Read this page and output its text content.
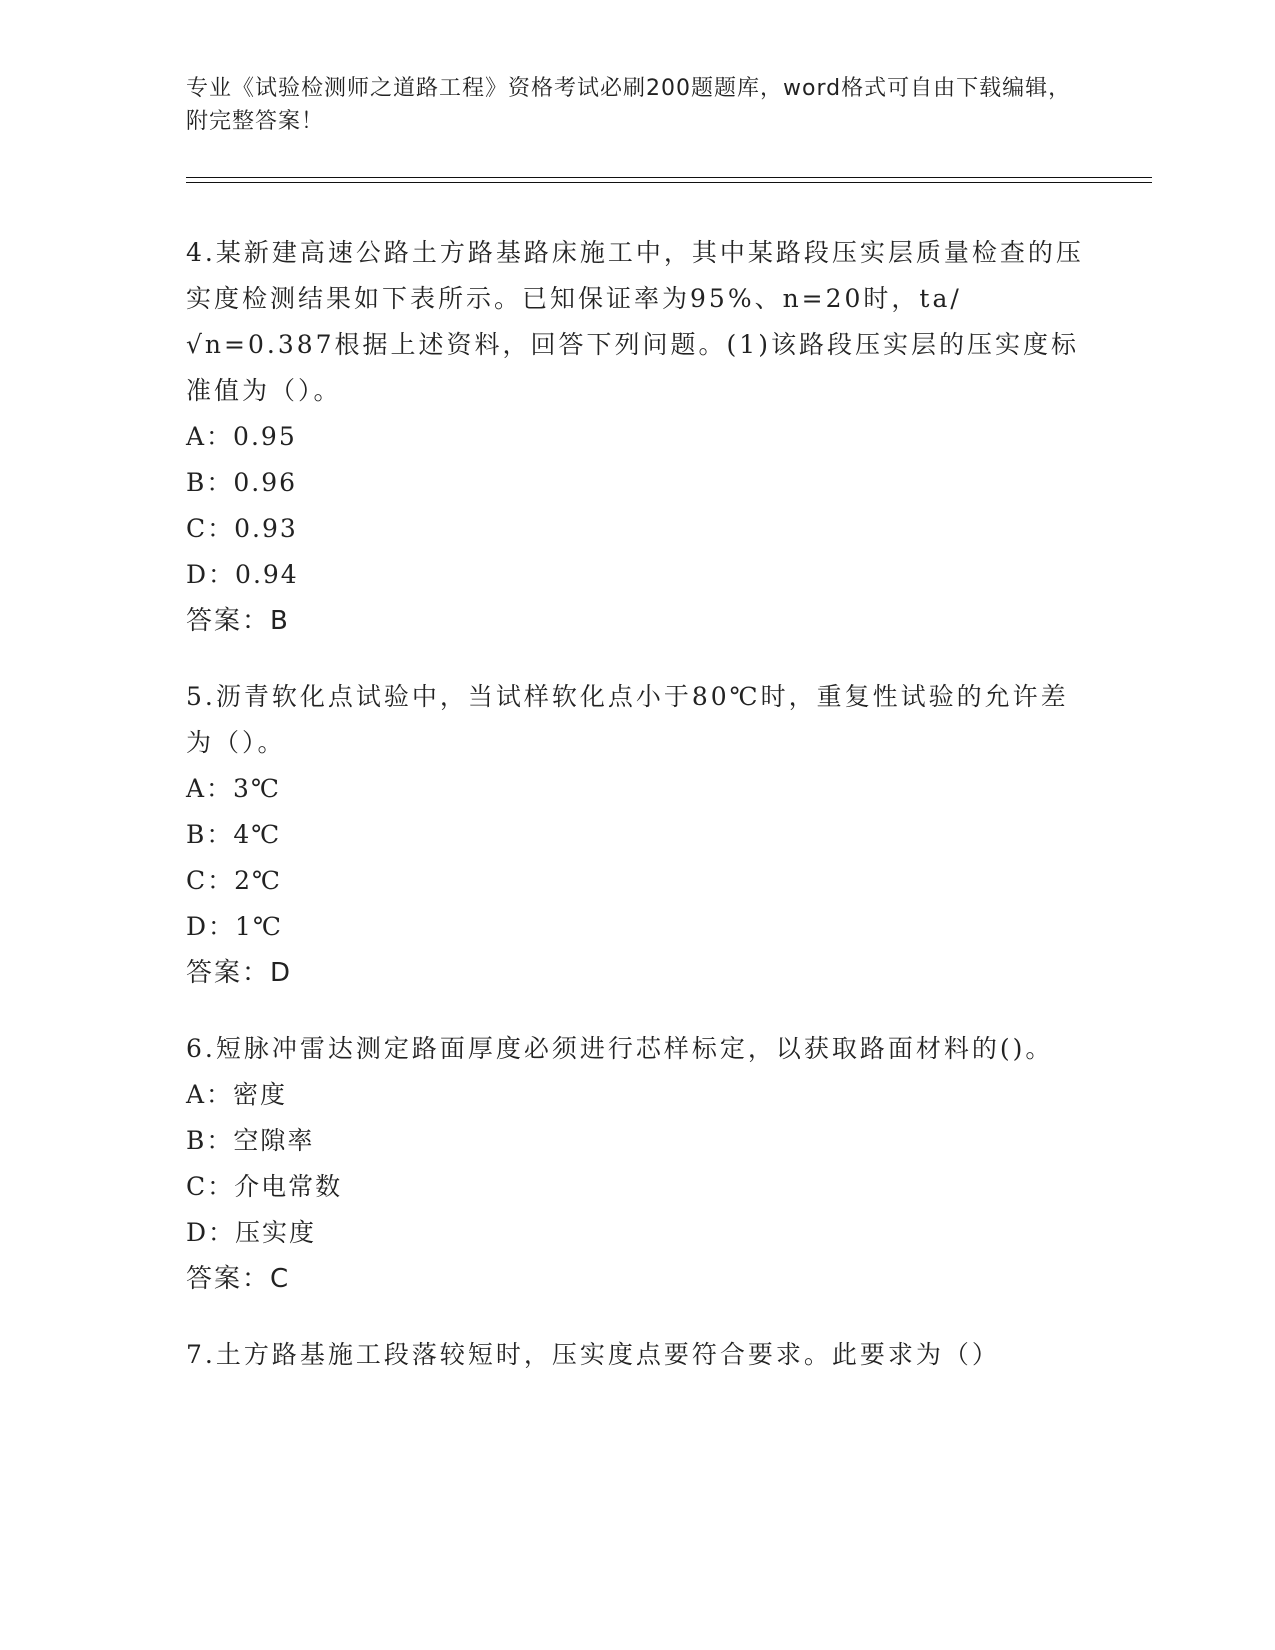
专业《试验检测师之道路工程》资格考试必刷200题题库，word格式可自由下载编辑，附完整答案！

4.某新建高速公路土方路基路床施工中，其中某路段压实层质量检查的压实度检测结果如下表所示。已知保证率为95%、n=20时，ta/√n=0.387根据上述资料，回答下列问题。(1)该路段压实层的压实度标准值为（）。

A：0.95

B：0.96

C：0.93

D：0.94

答案：B

5.沥青软化点试验中，当试样软化点小于80℃时，重复性试验的允许差为（）。

A：3℃

B：4℃

C：2℃

D：1℃

答案：D

6.短脉冲雷达测定路面厚度必须进行芯样标定，以获取路面材料的()。

A：密度

B：空隙率

C：介电常数

D：压实度

答案：C

7.土方路基施工段落较短时，压实度点要符合要求。此要求为（）
